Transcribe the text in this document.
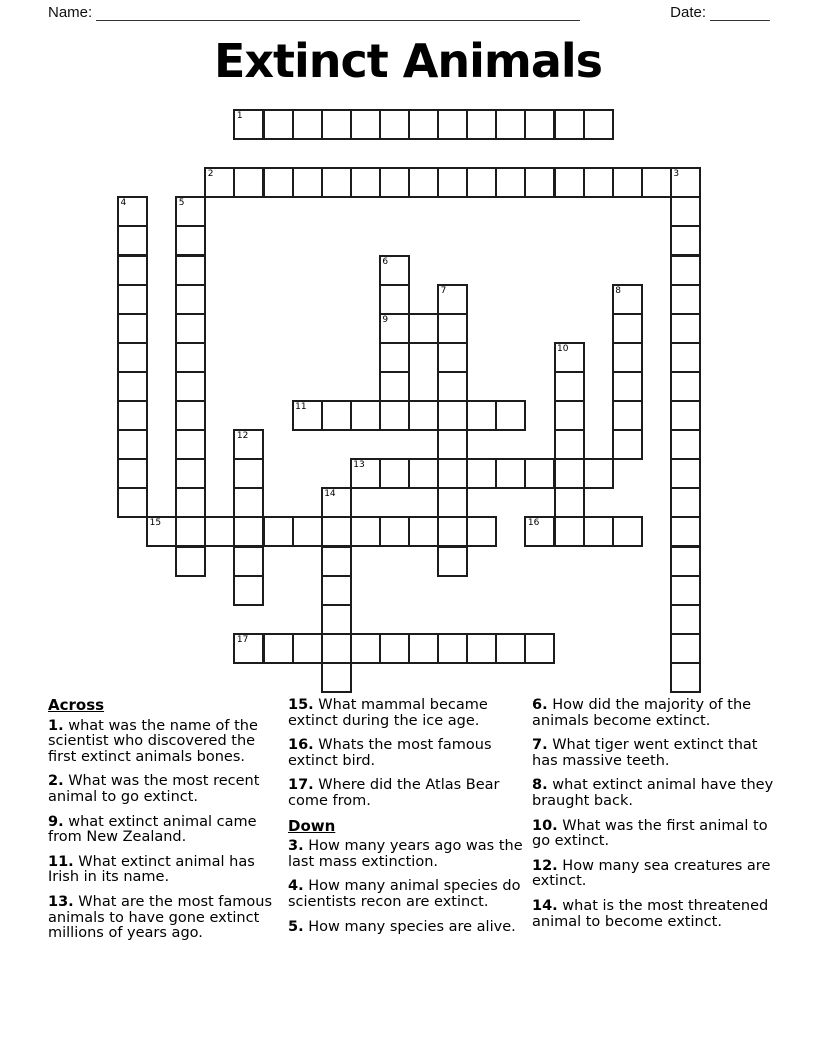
Name:	Date:
Extinct Animals
1
2	3
4	5
6
7	8
9
10
11
12
13
14
15	16
17
Across
1. what was the name of the scientist who discovered the first extinct animals bones.
2. What was the most recent animal to go extinct.
9. what extinct animal came from New Zealand.
11. What extinct animal has Irish in its name.
13. What are the most famous animals to have gone extinct millions of years ago.
15. What mammal became extinct during the ice age.
16. Whats the most famous extinct bird.
17. Where did the Atlas Bear come from.
Down
3. How many years ago was the last mass extinction.
4. How many animal species do scientists recon are extinct.
5. How many species are alive.
6. How did the majority of the animals become extinct.
7. What tiger went extinct that has massive teeth.
8. what extinct animal have they braught back.
10. What was the first animal to go extinct.
12. How many sea creatures are extinct.
14. what is the most threatened animal to become extinct.
